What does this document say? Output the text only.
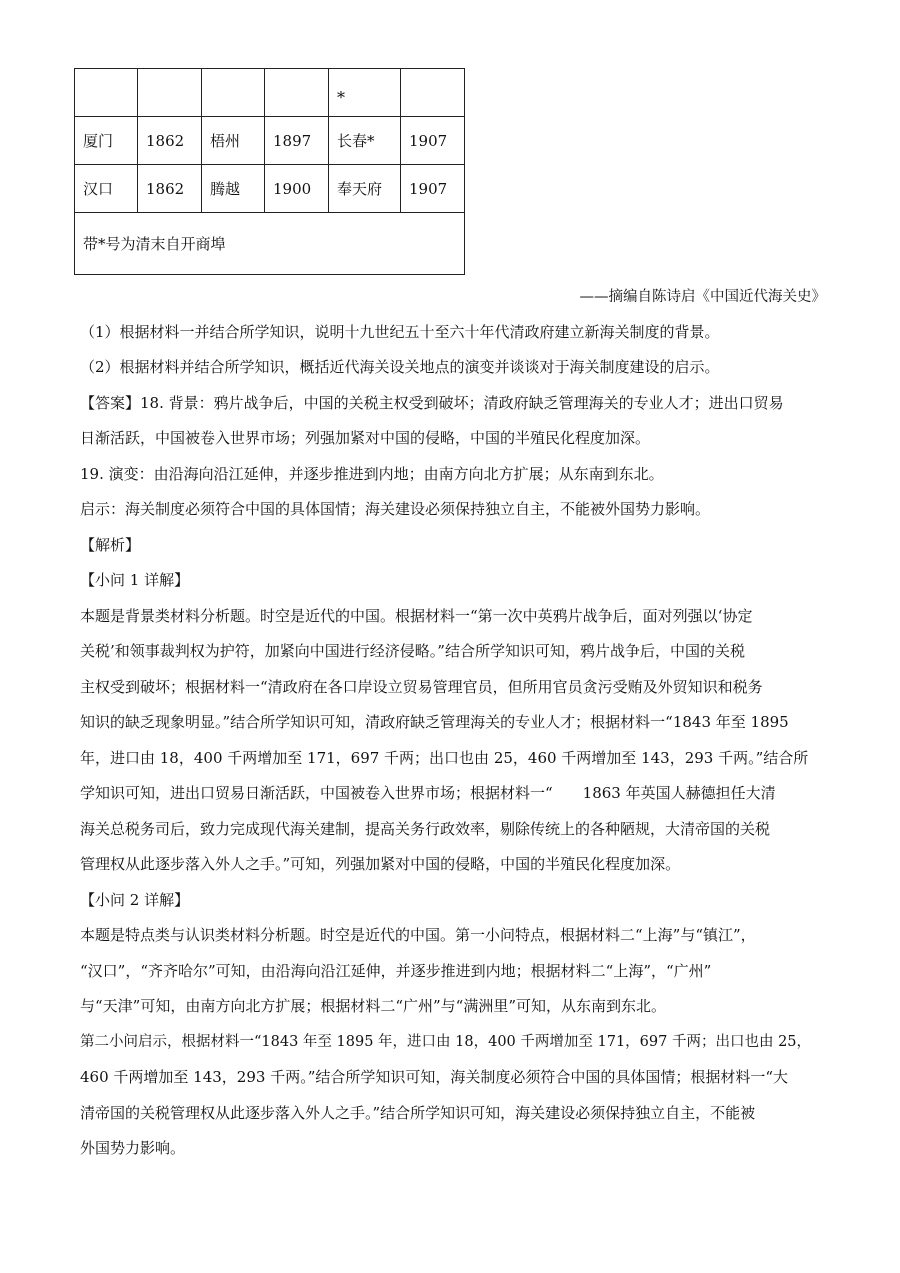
				*	
厦门	1862	梧州	1897	长春*	1907
汉口	1862	腾越	1900	奉天府	1907
带*号为清末自开商埠					
——摘编自陈诗启《中国近代海关史》
（1）根据材料一并结合所学知识，说明十九世纪五十至六十年代清政府建立新海关制度的背景。
（2）根据材料并结合所学知识，概括近代海关设关地点的演变并谈谈对于海关制度建设的启示。
【答案】18. 背景：鸦片战争后，中国的关税主权受到破坏；清政府缺乏管理海关的专业人才；进出口贸易
日渐活跃，中国被卷入世界市场；列强加紧对中国的侵略，中国的半殖民化程度加深。
19. 演变：由沿海向沿江延伸，并逐步推进到内地；由南方向北方扩展；从东南到东北。
启示：海关制度必须符合中国的具体国情；海关建设必须保持独立自主，不能被外国势力影响。
【解析】
【小问 1 详解】
本题是背景类材料分析题。时空是近代的中国。根据材料一“第一次中英鸦片战争后，面对列强以‘协定
关税’和领事裁判权为护符，加紧向中国进行经济侵略。”结合所学知识可知，鸦片战争后，中国的关税
主权受到破坏；根据材料一“清政府在各口岸设立贸易管理官员，但所用官员贪污受贿及外贸知识和税务
知识的缺乏现象明显。”结合所学知识可知，清政府缺乏管理海关的专业人才；根据材料一“1843 年至 1895
年，进口由 18，400 千两增加至 171，697 千两；出口也由 25，460 千两增加至 143，293 千两。”结合所
学知识可知，进出口贸易日渐活跃，中国被卷入世界市场；根据材料一“　　1863 年英国人赫德担任大清
海关总税务司后，致力完成现代海关建制，提高关务行政效率，剔除传统上的各种陋规，大清帝国的关税
管理权从此逐步落入外人之手。”可知，列强加紧对中国的侵略，中国的半殖民化程度加深。
【小问 2 详解】
本题是特点类与认识类材料分析题。时空是近代的中国。第一小问特点，根据材料二“上海”与“镇江”，
“汉口”，“齐齐哈尔”可知，由沿海向沿江延伸，并逐步推进到内地；根据材料二“上海”，“广州”
与“天津”可知，由南方向北方扩展；根据材料二“广州”与“满洲里”可知，从东南到东北。
第二小问启示，根据材料一“1843 年至 1895 年，进口由 18，400 千两增加至 171，697 千两；出口也由 25，
460 千两增加至 143，293 千两。”结合所学知识可知，海关制度必须符合中国的具体国情；根据材料一“大
清帝国的关税管理权从此逐步落入外人之手。”结合所学知识可知，海关建设必须保持独立自主，不能被
外国势力影响。
